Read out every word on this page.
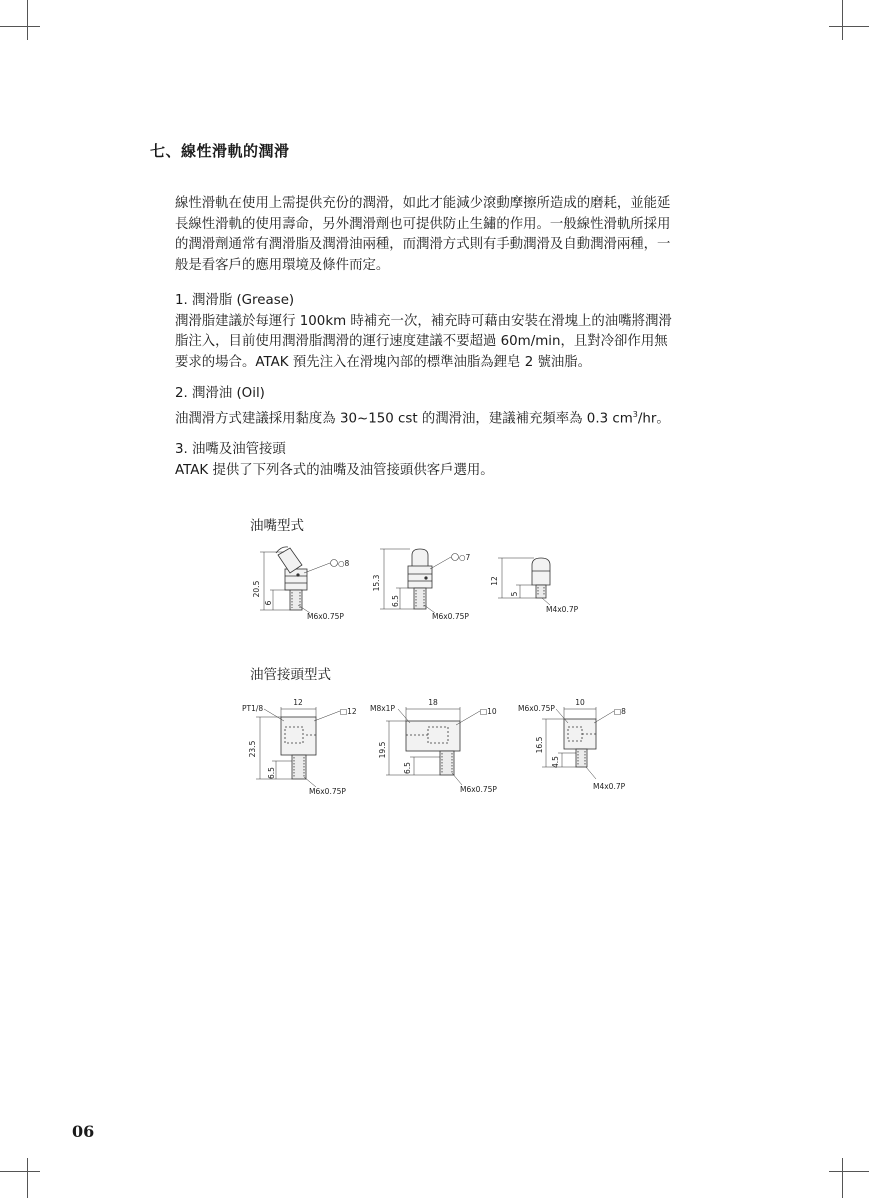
七、線性滑軌的潤滑

線性滑軌在使用上需提供充份的潤滑，如此才能減少滾動摩擦所造成的磨耗，並能延

長線性滑軌的使用壽命，另外潤滑劑也可提供防止生鏽的作用。一般線性滑軌所採用

的潤滑劑通常有潤滑脂及潤滑油兩種，而潤滑方式則有手動潤滑及自動潤滑兩種，一

般是看客戶的應用環境及條件而定。

1. 潤滑脂 (Grease)

潤滑脂建議於每運行 100km 時補充一次，補充時可藉由安裝在滑塊上的油嘴將潤滑

脂注入，目前使用潤滑脂潤滑的運行速度建議不要超過 60m/min，且對冷卻作用無

要求的場合。ATAK 預先注入在滑塊內部的標準油脂為鋰皂 2 號油脂。

2. 潤滑油 (Oil)

油潤滑方式建議採用黏度為 30~150 cst 的潤滑油，建議補充頻率為 0.3 $cm^3/hr$。

3. 油嘴及油管接頭

ATAK 提供了下列各式的油嘴及油管接頭供客戶選用。

油嘴型式
油管接頭型式
20.5
6
○8
M6x0.75P
15.3
6.5
○7
M6x0.75P
12
5
M4x0.7P
PT1/8
12
□12
23.5
6.5
M6x0.75P
M8x1P
18
□10
19.5
6.5
M6x0.75P
M6x0.75P
10
□8
16.5
4.5
M4x0.7P
06
